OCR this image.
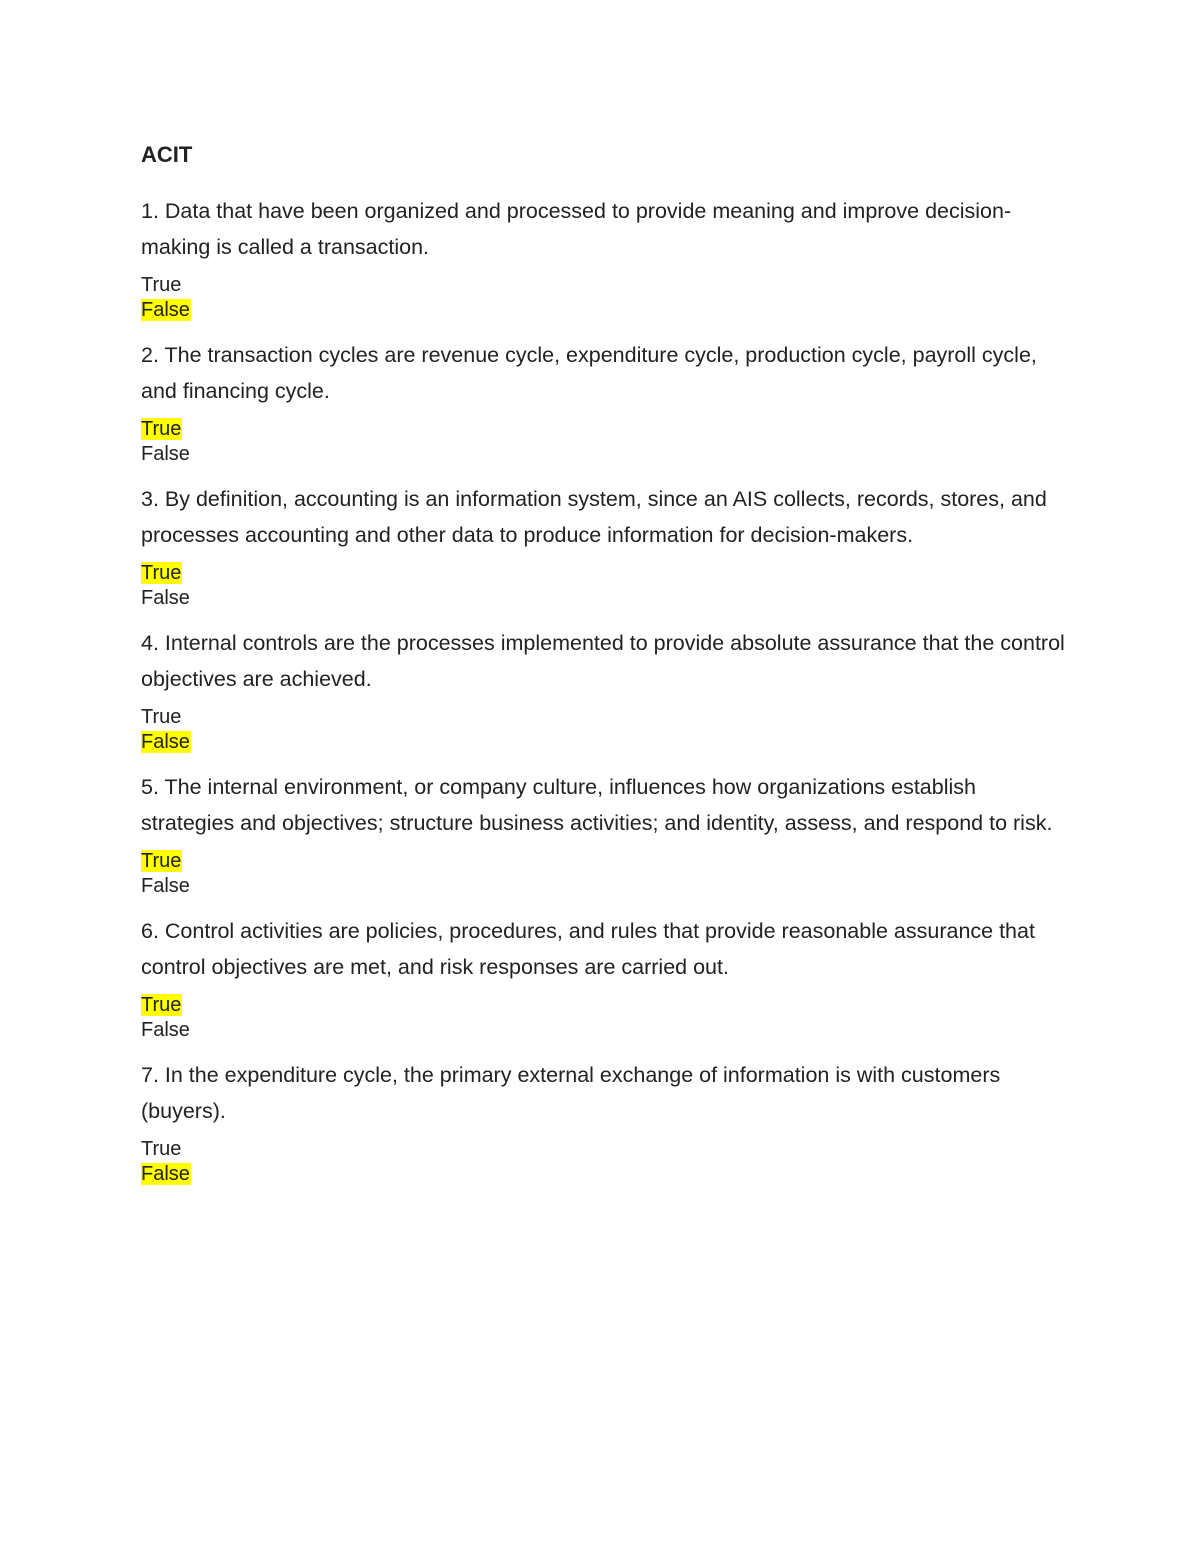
ACIT
1. Data that have been organized and processed to provide meaning and improve decision-making is called a transaction.
True
False
2. The transaction cycles are revenue cycle, expenditure cycle, production cycle, payroll cycle, and financing cycle.
True
False
3. By definition, accounting is an information system, since an AIS collects, records, stores, and processes accounting and other data to produce information for decision-makers.
True
False
4. Internal controls are the processes implemented to provide absolute assurance that the control objectives are achieved.
True
False
5. The internal environment, or company culture, influences how organizations establish strategies and objectives; structure business activities; and identity, assess, and respond to risk.
True
False
6. Control activities are policies, procedures, and rules that provide reasonable assurance that control objectives are met, and risk responses are carried out.
True
False
7. In the expenditure cycle, the primary external exchange of information is with customers (buyers).
True
False
